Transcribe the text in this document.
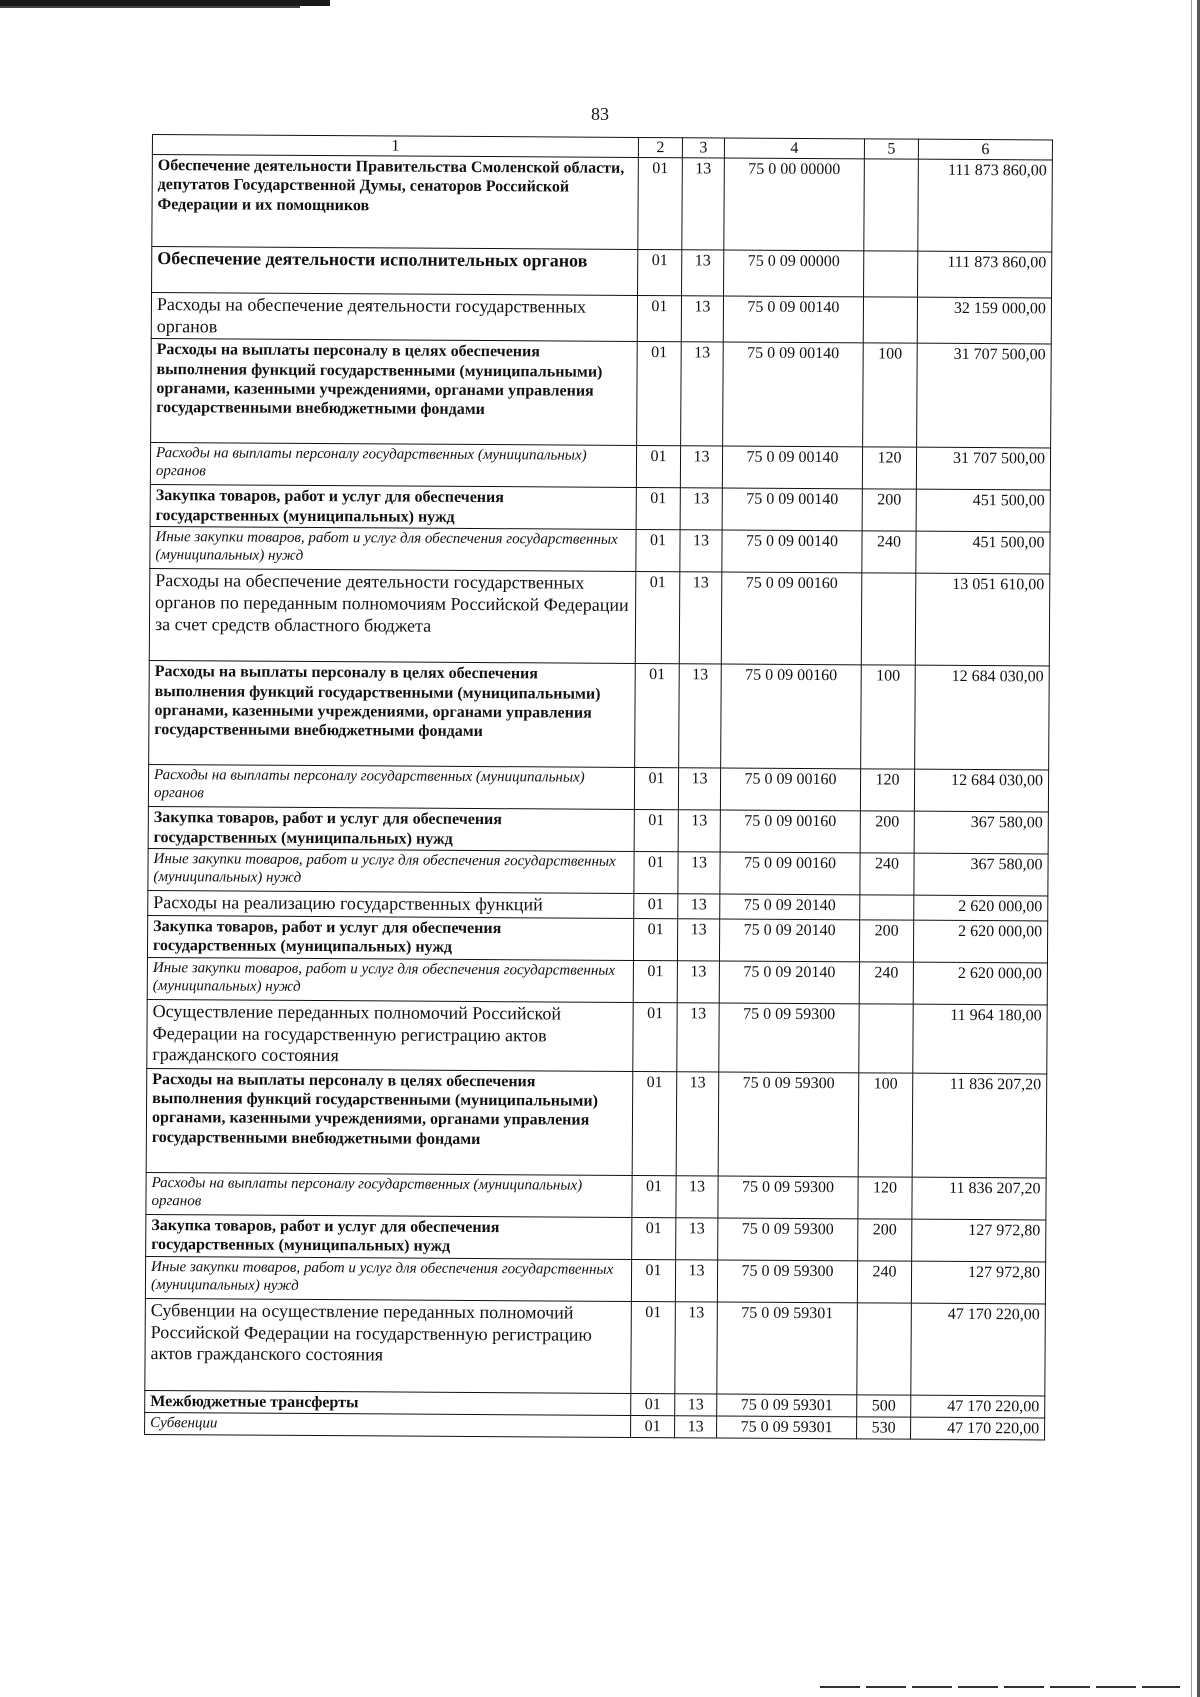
83
1	2	3	4	5	6
Обеспечение деятельности Правительства Смоленской области, депутатов Государственной Думы, сенаторов Российской Федерации и их помощников	01	13	75 0 00 00000		111 873 860,00
Обеспечение деятельности исполнительных органов	01	13	75 0 09 00000		111 873 860,00
Расходы на обеспечение деятельности государственных органов	01	13	75 0 09 00140		32 159 000,00
Расходы на выплаты персоналу в целях обеспечения выполнения функций государственными (муниципальными) органами, казенными учреждениями, органами управления государственными внебюджетными фондами	01	13	75 0 09 00140	100	31 707 500,00
Расходы на выплаты персоналу государственных (муниципальных) органов	01	13	75 0 09 00140	120	31 707 500,00
Закупка товаров, работ и услуг для обеспечения государственных (муниципальных) нужд	01	13	75 0 09 00140	200	451 500,00
Иные закупки товаров, работ и услуг для обеспечения государственных (муниципальных) нужд	01	13	75 0 09 00140	240	451 500,00
Расходы на обеспечение деятельности государственных органов по переданным полномочиям Российской Федерации за счет средств областного бюджета	01	13	75 0 09 00160		13 051 610,00
Расходы на выплаты персоналу в целях обеспечения выполнения функций государственными (муниципальными) органами, казенными учреждениями, органами управления государственными внебюджетными фондами	01	13	75 0 09 00160	100	12 684 030,00
Расходы на выплаты персоналу государственных (муниципальных) органов	01	13	75 0 09 00160	120	12 684 030,00
Закупка товаров, работ и услуг для обеспечения государственных (муниципальных) нужд	01	13	75 0 09 00160	200	367 580,00
Иные закупки товаров, работ и услуг для обеспечения государственных (муниципальных) нужд	01	13	75 0 09 00160	240	367 580,00
Расходы на реализацию государственных функций	01	13	75 0 09 20140		2 620 000,00
Закупка товаров, работ и услуг для обеспечения государственных (муниципальных) нужд	01	13	75 0 09 20140	200	2 620 000,00
Иные закупки товаров, работ и услуг для обеспечения государственных (муниципальных) нужд	01	13	75 0 09 20140	240	2 620 000,00
Осуществление переданных полномочий Российской Федерации на государственную регистрацию актов гражданского состояния	01	13	75 0 09 59300		11 964 180,00
Расходы на выплаты персоналу в целях обеспечения выполнения функций государственными (муниципальными) органами, казенными учреждениями, органами управления государственными внебюджетными фондами	01	13	75 0 09 59300	100	11 836 207,20
Расходы на выплаты персоналу государственных (муниципальных) органов	01	13	75 0 09 59300	120	11 836 207,20
Закупка товаров, работ и услуг для обеспечения государственных (муниципальных) нужд	01	13	75 0 09 59300	200	127 972,80
Иные закупки товаров, работ и услуг для обеспечения государственных (муниципальных) нужд	01	13	75 0 09 59300	240	127 972,80
Субвенции на осуществление переданных полномочий Российской Федерации на государственную регистрацию актов гражданского состояния	01	13	75 0 09 59301		47 170 220,00
Межбюджетные трансферты	01	13	75 0 09 59301	500	47 170 220,00
Субвенции	01	13	75 0 09 59301	530	47 170 220,00
